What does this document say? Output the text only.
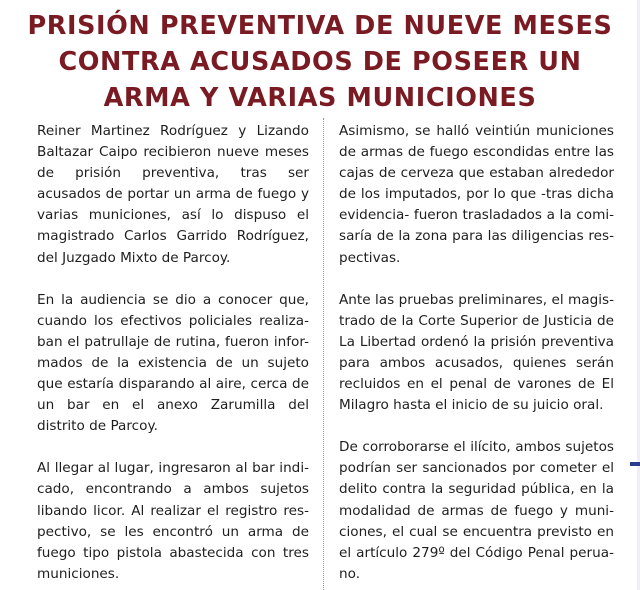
PRISIÓN PREVENTIVA DE NUEVE MESES
CONTRA ACUSADOS DE POSEER UN
ARMA Y VARIAS MUNICIONES

Reiner Martinez Rodríguez y Lizando Baltazar Caipo recibieron nueve meses de prisión preventiva, tras ser acusados de portar un arma de fuego y varias municiones, así lo dispuso el magistrado Carlos Garrido Rodríguez, del Juzgado Mixto de Parcoy.

En la audiencia se dio a conocer que, cuando los efectivos policiales realiza-ban el patrullaje de rutina, fueron infor-mados de la existencia de un sujeto que estaría disparando al aire, cerca de un bar en el anexo Zarumilla del distrito de Parcoy.

Al llegar al lugar, ingresaron al bar indi-cado, encontrando a ambos sujetos libando licor. Al realizar el registro res-pectivo, se les encontró un arma de fuego tipo pistola abastecida con tres municiones.

Asimismo, se halló veintiún municiones de armas de fuego escondidas entre las cajas de cerveza que estaban alrededor de los imputados, por lo que -tras dicha evidencia- fueron trasladados a la comi-saría de la zona para las diligencias res-pectivas.

Ante las pruebas preliminares, el magis-trado de la Corte Superior de Justicia de La Libertad ordenó la prisión preventiva para ambos acusados, quienes serán recluidos en el penal de varones de El Milagro hasta el inicio de su juicio oral.

De corroborarse el ilícito, ambos sujetos podrían ser sancionados por cometer el delito contra la seguridad pública, en la modalidad de armas de fuego y muni-ciones, el cual se encuentra previsto en el artículo 279º del Código Penal perua-no.
